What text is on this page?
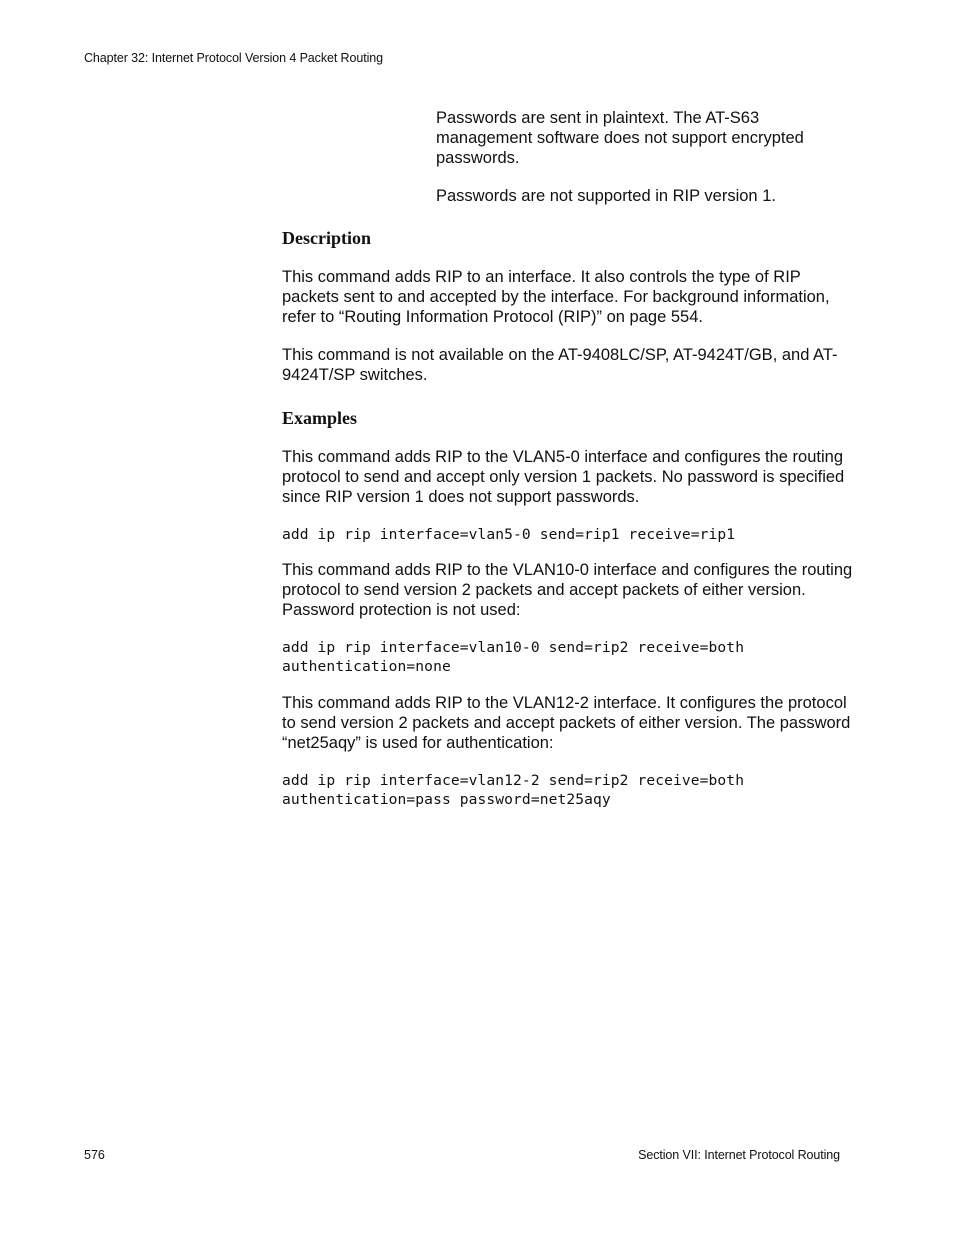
Chapter 32: Internet Protocol Version 4 Packet Routing

Passwords are sent in plaintext. The AT-S63 management software does not support encrypted passwords.

Passwords are not supported in RIP version 1.

Description

This command adds RIP to an interface. It also controls the type of RIP packets sent to and accepted by the interface. For background information, refer to “Routing Information Protocol (RIP)” on page 554.

This command is not available on the AT-9408LC/SP, AT-9424T/GB, and AT-9424T/SP switches.

Examples

This command adds RIP to the VLAN5-0 interface and configures the routing protocol to send and accept only version 1 packets. No password is specified since RIP version 1 does not support passwords.

add ip rip interface=vlan5-0 send=rip1 receive=rip1

This command adds RIP to the VLAN10-0 interface and configures the routing protocol to send version 2 packets and accept packets of either version. Password protection is not used:

add ip rip interface=vlan10-0 send=rip2 receive=both
authentication=none

This command adds RIP to the VLAN12-2 interface. It configures the protocol to send version 2 packets and accept packets of either version. The password “net25aqy” is used for authentication:

add ip rip interface=vlan12-2 send=rip2 receive=both
authentication=pass password=net25aqy
576	Section VII: Internet Protocol Routing
